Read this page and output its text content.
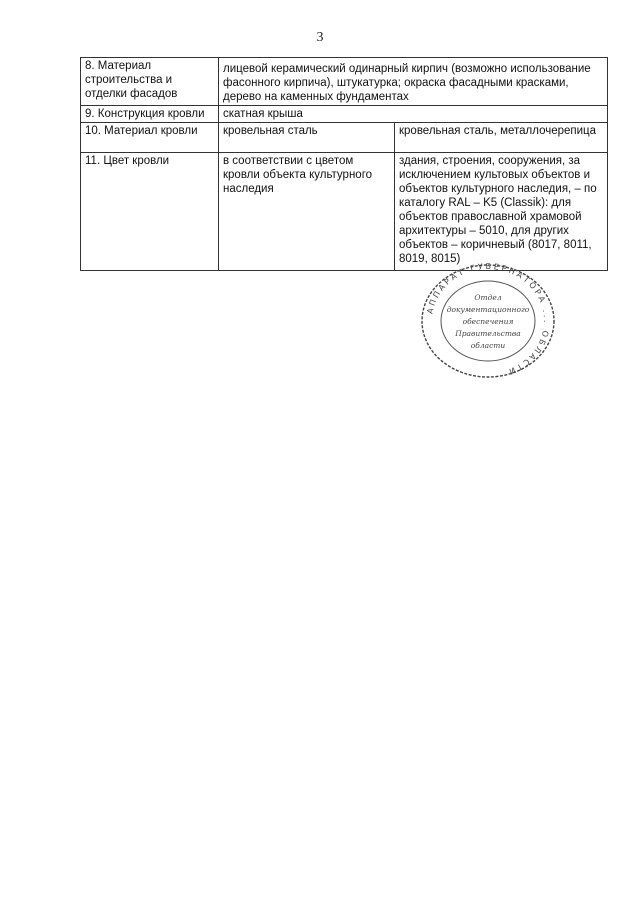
3
8. Материал строительства и отделки фасадов	лицевой керамический одинарный кирпич (возможно использование фасонного кирпича), штукатурка; окраска фасадными красками, дерево на каменных фундаментах	
9. Конструкция кровли	скатная крыша	
10. Материал кровли	кровельная сталь	кровельная сталь, металлочерепица
11. Цвет кровли	в соответствии с цветом кровли объекта культурного наследия	здания, строения, сооружения, за исключением культовых объектов и объектов культурного наследия, – по каталогу RAL – K5 (Classik): для объектов православной храмовой архитектуры – 5010, для других объектов – коричневый (8017, 8011, 8019, 8015)
АППАРАТ ГУБЕРНАТОРА ... ОБЛАСТИ
Отдел
документационного
обеспечения
Правительства
области
